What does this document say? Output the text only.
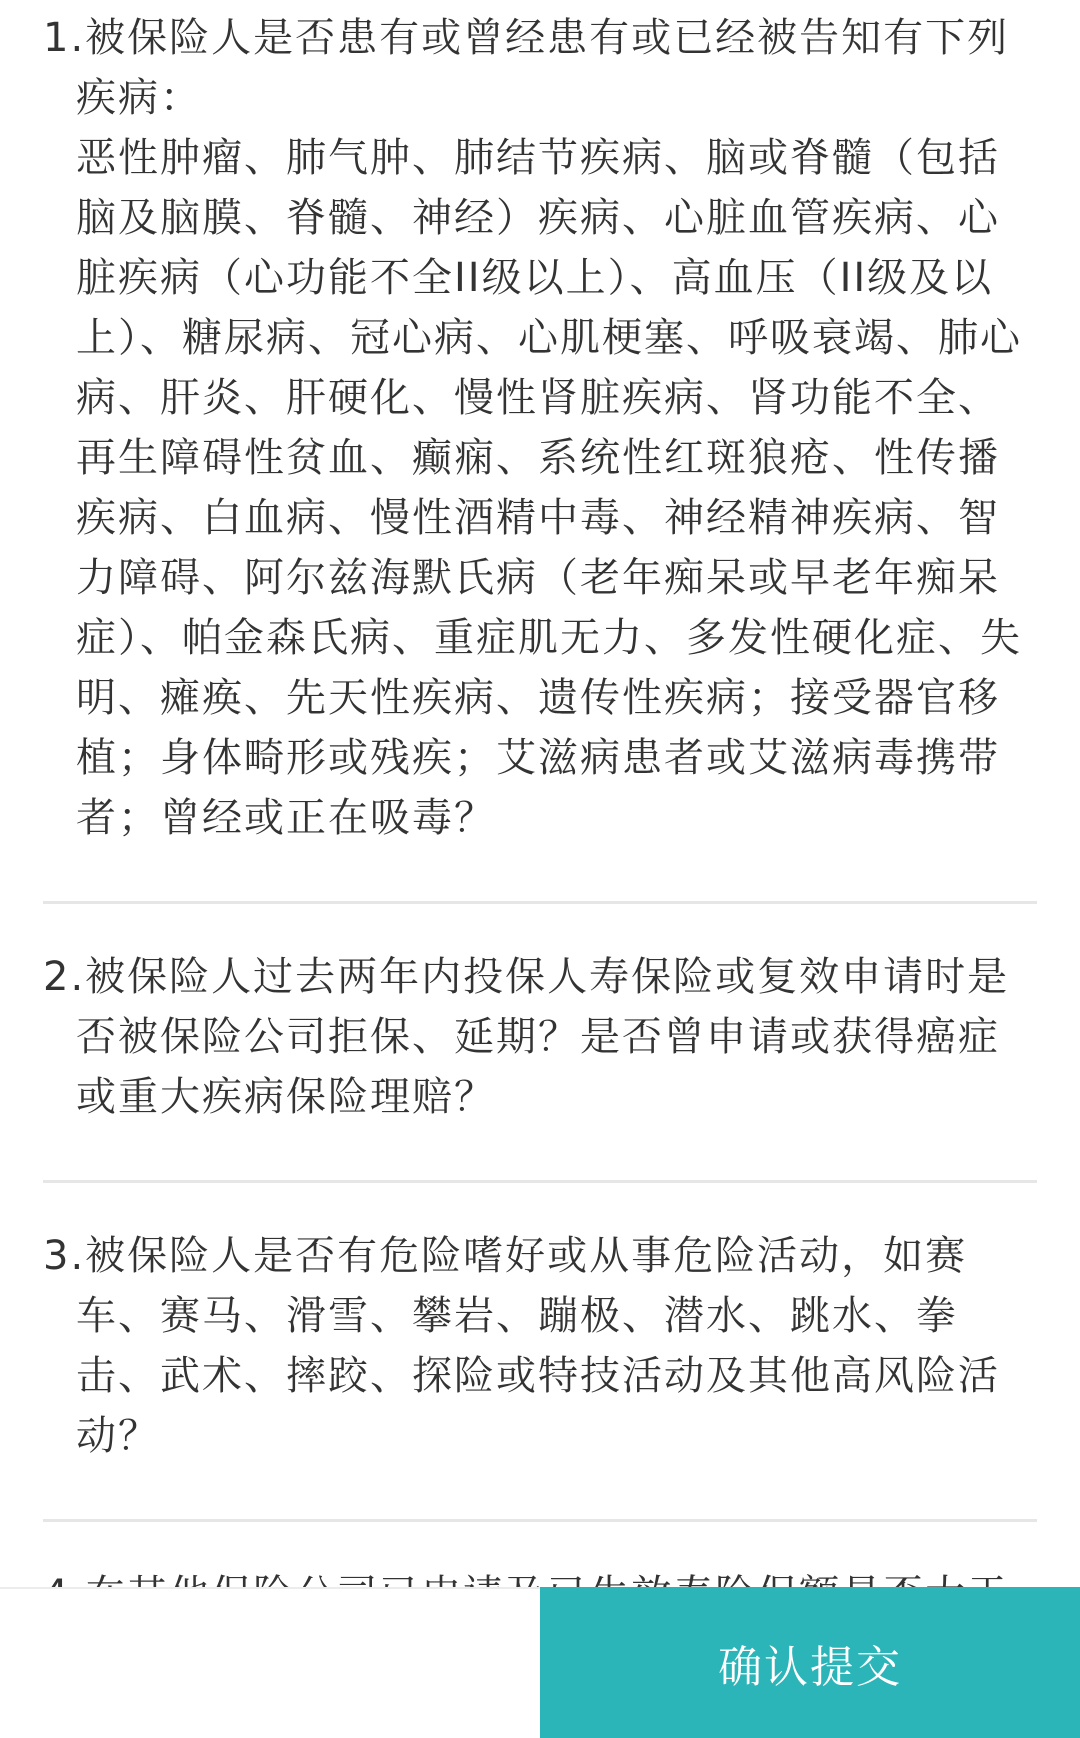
1.被保险人是否患有或曾经患有或已经被告知有下列疾病：
恶性肿瘤、肺气肿、肺结节疾病、脑或脊髓（包括脑及脑膜、脊髓、神经）疾病、心脏血管疾病、心脏疾病（心功能不全II级以上）、高血压（II级及以上）、糖尿病、冠心病、心肌梗塞、呼吸衰竭、肺心病、肝炎、肝硬化、慢性肾脏疾病、肾功能不全、再生障碍性贫血、癫痫、系统性红斑狼疮、性传播疾病、白血病、慢性酒精中毒、神经精神疾病、智力障碍、阿尔兹海默氏病（老年痴呆或早老年痴呆症）、帕金森氏病、重症肌无力、多发性硬化症、失明、瘫痪、先天性疾病、遗传性疾病；接受器官移植；身体畸形或残疾；艾滋病患者或艾滋病毒携带者；曾经或正在吸毒？

2.被保险人过去两年内投保人寿保险或复效申请时是否被保险公司拒保、延期？是否曾申请或获得癌症或重大疾病保险理赔？

3.被保险人是否有危险嗜好或从事危险活动，如赛车、赛马、滑雪、攀岩、蹦极、潜水、跳水、拳击、武术、摔跤、探险或特技活动及其他高风险活动？

确认提交
